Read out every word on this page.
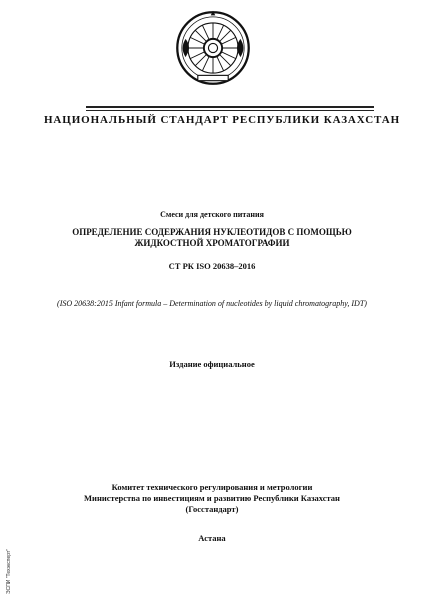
НАЦИОНАЛЬНЫЙ СТАНДАРТ РЕСПУБЛИКИ КАЗАХСТАН
Смеси для детского питания
ОПРЕДЕЛЕНИЕ СОДЕРЖАНИЯ НУКЛЕОТИДОВ С ПОМОЩЬЮ
ЖИДКОСТНОЙ ХРОМАТОГРАФИИ
СТ РК ISO 20638–2016
(ISO 20638:2015 Infant formula – Determination of nucleotides by liquid chromatography, IDT)
Издание официальное
Комитет технического регулирования и метрологии
Министерства по инвестициям и развитию Республики Казахстан
(Госстандарт)
Астана
ЭСПИ "Техэксперт"
